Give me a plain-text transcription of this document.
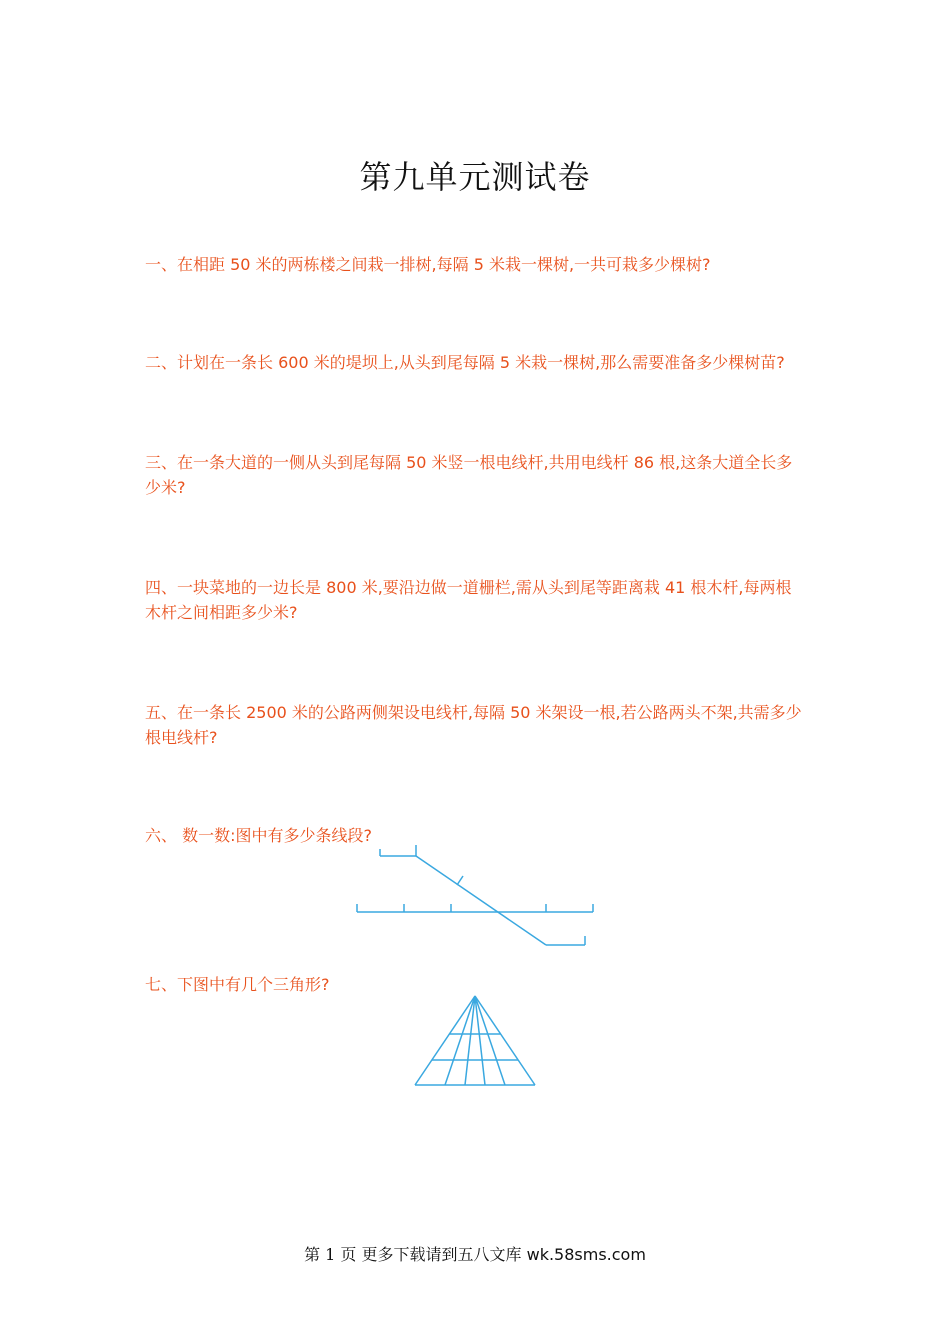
第九单元测试卷
一、在相距 50 米的两栋楼之间栽一排树,每隔 5 米栽一棵树,一共可栽多少棵树?
二、计划在一条长 600 米的堤坝上,从头到尾每隔 5 米栽一棵树,那么需要准备多少棵树苗?
三、在一条大道的一侧从头到尾每隔 50 米竖一根电线杆,共用电线杆 86 根,这条大道全长多少米?
四、一块菜地的一边长是 800 米,要沿边做一道栅栏,需从头到尾等距离栽 41 根木杆,每两根木杆之间相距多少米?
五、在一条长 2500 米的公路两侧架设电线杆,每隔 50 米架设一根,若公路两头不架,共需多少根电线杆?
六、 数一数:图中有多少条线段?
七、下图中有几个三角形?
第 1 页 更多下载请到五八文库 wk.58sms.com
